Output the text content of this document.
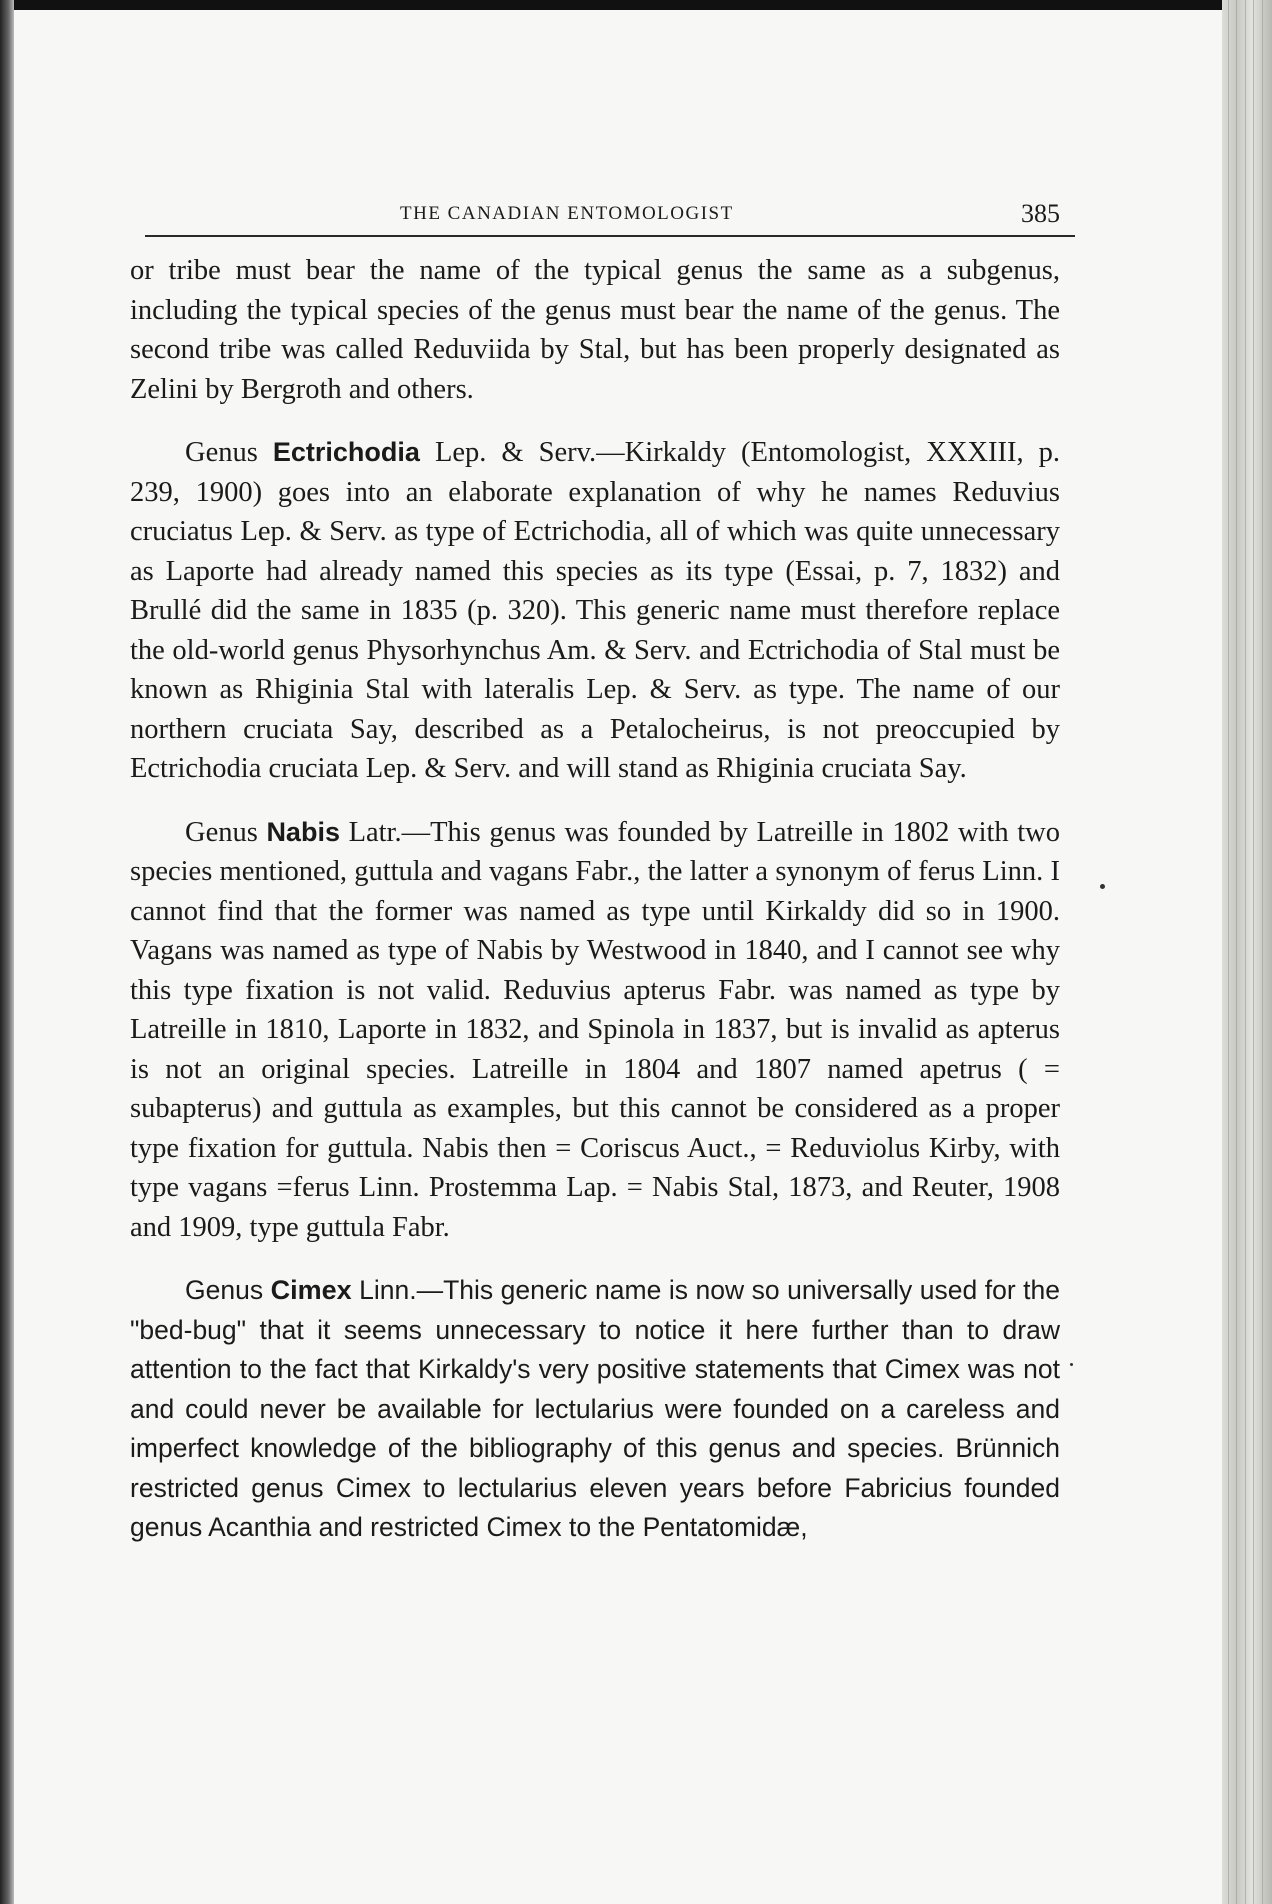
THE CANADIAN ENTOMOLOGIST	385

or tribe must bear the name of the typical genus the same as a subgenus, including the typical species of the genus must bear the name of the genus. The second tribe was called Reduviida by Stal, but has been properly designated as Zelini by Bergroth and others.

Genus Ectrichodia Lep. & Serv.—Kirkaldy (Entomologist, XXXIII, p. 239, 1900) goes into an elaborate explanation of why he names Reduvius cruciatus Lep. & Serv. as type of Ectrichodia, all of which was quite unnecessary as Laporte had already named this species as its type (Essai, p. 7, 1832) and Brullé did the same in 1835 (p. 320). This generic name must therefore replace the old-world genus Physorhynchus Am. & Serv. and Ectrichodia of Stal must be known as Rhiginia Stal with lateralis Lep. & Serv. as type. The name of our northern cruciata Say, described as a Petalocheirus, is not preoccupied by Ectrichodia cruciata Lep. & Serv. and will stand as Rhiginia cruciata Say.

Genus Nabis Latr.—This genus was founded by Latreille in 1802 with two species mentioned, guttula and vagans Fabr., the latter a synonym of ferus Linn. I cannot find that the former was named as type until Kirkaldy did so in 1900. Vagans was named as type of Nabis by Westwood in 1840, and I cannot see why this type fixation is not valid. Reduvius apterus Fabr. was named as type by Latreille in 1810, Laporte in 1832, and Spinola in 1837, but is invalid as apterus is not an original species. Latreille in 1804 and 1807 named apetrus ( = subapterus) and guttula as examples, but this cannot be considered as a proper type fixation for guttula. Nabis then = Coriscus Auct., = Reduviolus Kirby, with type vagans =ferus Linn. Prostemma Lap. = Nabis Stal, 1873, and Reuter, 1908 and 1909, type guttula Fabr.

Genus Cimex Linn.—This generic name is now so universally used for the "bed-bug" that it seems unnecessary to notice it here further than to draw attention to the fact that Kirkaldy's very positive statements that Cimex was not and could never be available for lectularius were founded on a careless and imperfect knowledge of the bibliography of this genus and species. Brünnich restricted genus Cimex to lectularius eleven years before Fabricius founded genus Acanthia and restricted Cimex to the Pentatomidæ,
